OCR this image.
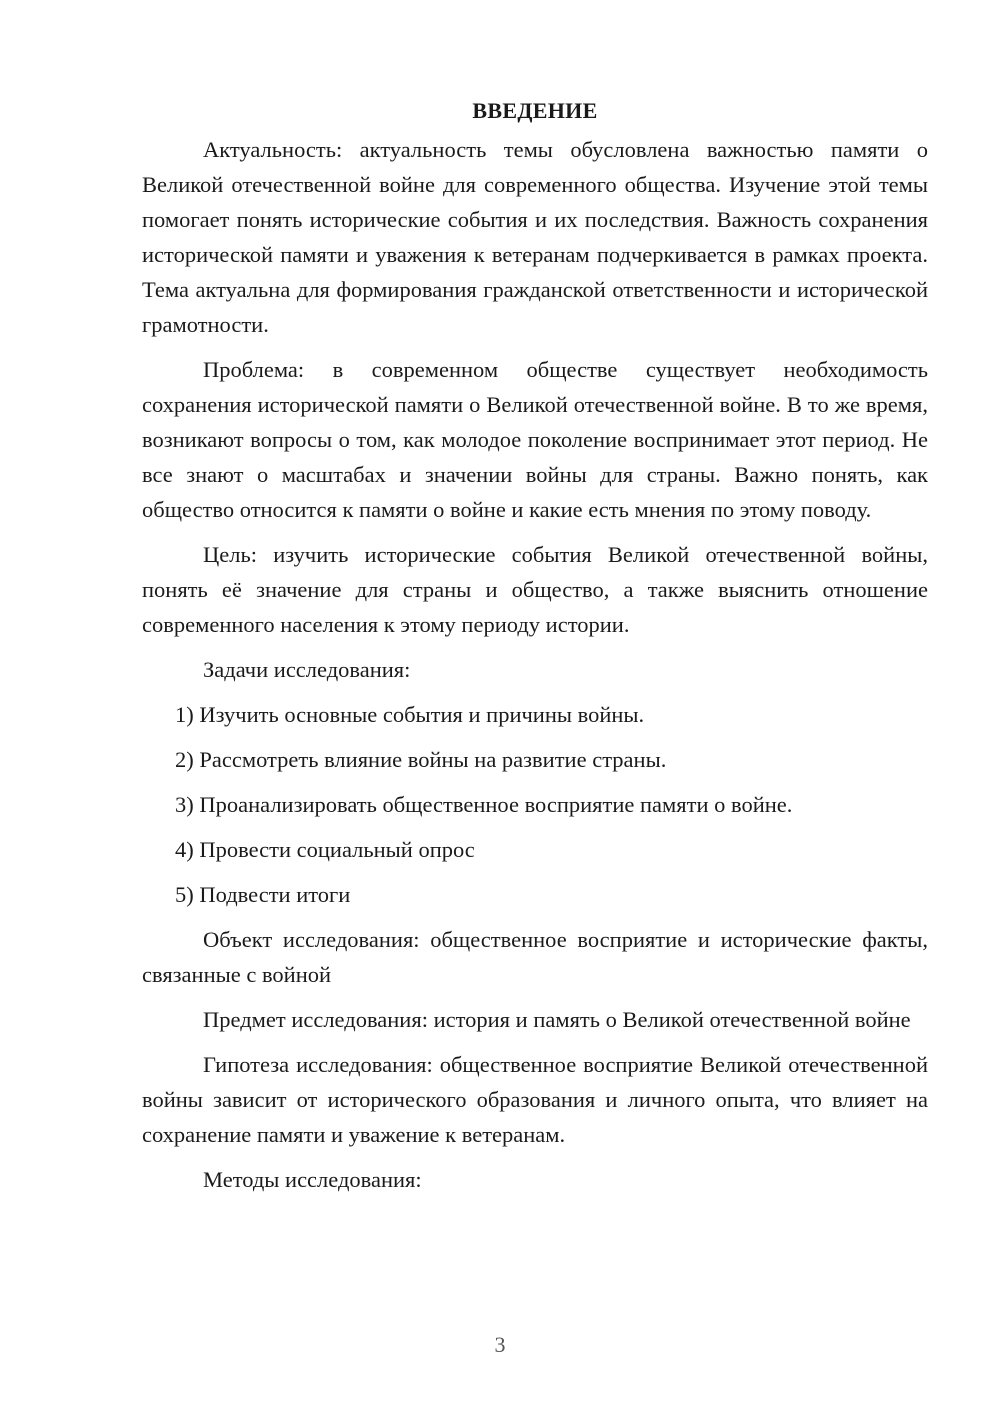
ВВЕДЕНИЕ

Актуальность: актуальность темы обусловлена важностью памяти о Великой отечественной войне для современного общества. Изучение этой темы помогает понять исторические события и их последствия. Важность сохранения исторической памяти и уважения к ветеранам подчеркивается в рамках проекта. Тема актуальна для формирования гражданской ответственности и исторической грамотности.

Проблема: в современном обществе существует необходимость сохранения исторической памяти о Великой отечественной войне. В то же время, возникают вопросы о том, как молодое поколение воспринимает этот период. Не все знают о масштабах и значении войны для страны. Важно понять, как общество относится к памяти о войне и какие есть мнения по этому поводу.

Цель: изучить исторические события Великой отечественной войны, понять её значение для страны и общество, а также выяснить отношение современного населения к этому периоду истории.

Задачи исследования:

1) Изучить основные события и причины войны.
2) Рассмотреть влияние войны на развитие страны.
3) Проанализировать общественное восприятие памяти о войне.
4) Провести социальный опрос
5) Подвести итоги

Объект исследования: общественное восприятие и исторические факты, связанные с войной

Предмет исследования: история и память о Великой отечественной войне

Гипотеза исследования: общественное восприятие Великой отечественной войны зависит от исторического образования и личного опыта, что влияет на сохранение памяти и уважение к ветеранам.

Методы исследования:

3
